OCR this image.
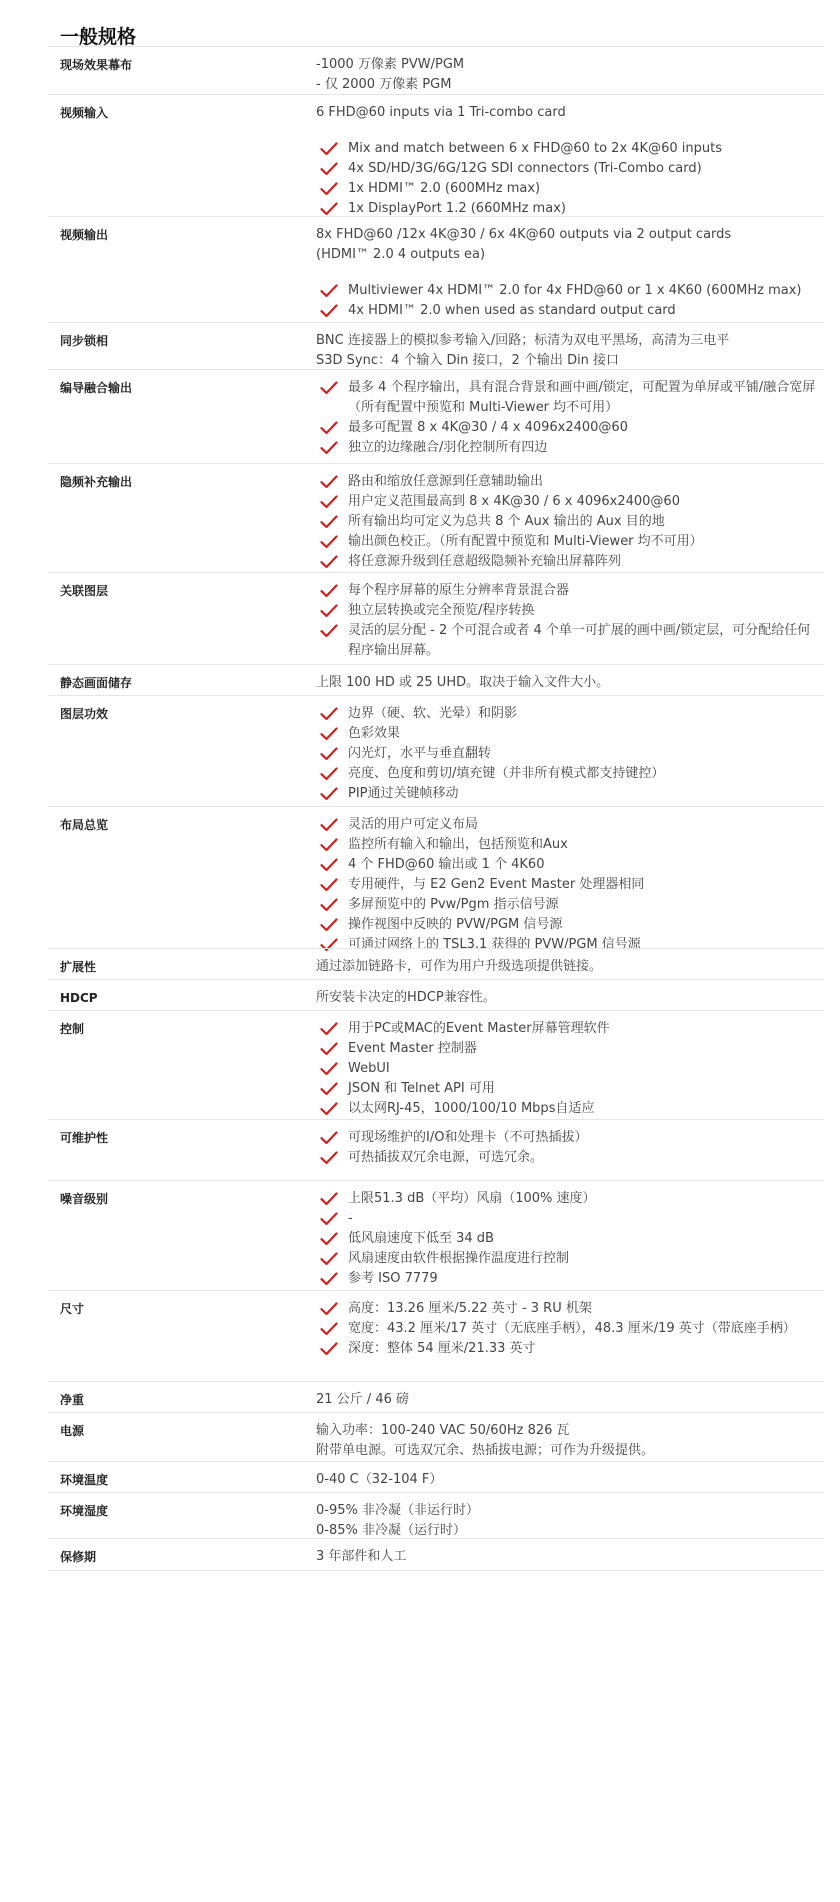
一般规格
现场效果幕布	-1000 万像素 PVW/PGM

- 仅 2000 万像素 PGM

视频输入	6 FHD@60 inputs via 1 Tri-combo card

Mix and match between 6 x FHD@60 to 2x 4K@60 inputs
4x SD/HD/3G/6G/12G SDI connectors (Tri-Combo card)
1x HDMI™ 2.0 (600MHz max)
1x DisplayPort 1.2 (660MHz max)
视频输出	8x FHD@60 /12x 4K@30 / 6x 4K@60 outputs via 2 output cards

(HDMI™ 2.0 4 outputs ea)

Multiviewer 4x HDMI™ 2.0 for 4x FHD@60 or 1 x 4K60 (600MHz max)
4x HDMI™ 2.0 when used as standard output card
同步锁相	BNC 连接器上的模拟参考输入/回路；标清为双电平黑场，高清为三电平

S3D Sync：4 个输入 Din 接口，2 个输出 Din 接口

编导融合输出	最多 4 个程序输出，具有混合背景和画中画/锁定，可配置为单屏或平铺/融合宽屏（所有配置中预览和 Multi-Viewer 均不可用）
最多可配置 8 x 4K@30 / 4 x 4096x2400@60
独立的边缘融合/羽化控制所有四边
隐频补充输出	路由和缩放任意源到任意辅助输出
用户定义范围最高到 8 x 4K@30 / 6 x 4096x2400@60
所有输出均可定义为总共 8 个 Aux 输出的 Aux 目的地
输出颜色校正。（所有配置中预览和 Multi-Viewer 均不可用）
将任意源升级到任意超级隐频补充输出屏幕阵列
关联图层	每个程序屏幕的原生分辨率背景混合器
独立层转换或完全预览/程序转换
灵活的层分配 - 2 个可混合或者 4 个单一可扩展的画中画/锁定层，可分配给任何程序输出屏幕。
静态画面储存	上限 100 HD 或 25 UHD。取决于输入文件大小。

图层功效	边界（硬、软、光晕）和阴影
色彩效果
闪光灯，水平与垂直翻转
亮度、色度和剪切/填充键（并非所有模式都支持键控）
PIP通过关键帧移动
布局总览	灵活的用户可定义布局
监控所有输入和输出，包括预览和Aux
4 个 FHD@60 输出或 1 个 4K60
专用硬件，与 E2 Gen2 Event Master 处理器相同
多屏预览中的 Pvw/Pgm 指示信号源
操作视图中反映的 PVW/PGM 信号源
可通过网络上的 TSL3.1 获得的 PVW/PGM 信号源
扩展性	通过添加链路卡，可作为用户升级选项提供链接。

HDCP	所安装卡决定的HDCP兼容性。

控制	用于PC或MAC的Event Master屏幕管理软件
Event Master 控制器
WebUI
JSON 和 Telnet API 可用
以太网RJ-45，1000/100/10 Mbps自适应
可维护性	可现场维护的I/O和处理卡（不可热插拔）
可热插拔双冗余电源，可选冗余。
噪音级别	上限51.3 dB（平均）风扇（100% 速度）
-
低风扇速度下低至 34 dB
风扇速度由软件根据操作温度进行控制
参考 ISO 7779
尺寸	高度：13.26 厘米/5.22 英寸 - 3 RU 机架
宽度：43.2 厘米/17 英寸（无底座手柄），48.3 厘米/19 英寸（带底座手柄）
深度：整体 54 厘米/21.33 英寸
净重	21 公斤 / 46 磅

电源	输入功率：100-240 VAC 50/60Hz 826 瓦

附带单电源。可选双冗余、热插拔电源；可作为升级提供。

环境温度	0-40 C（32-104 F）

环境湿度	0-95% 非冷凝（非运行时）

0-85% 非冷凝（运行时）

保修期	3 年部件和人工
